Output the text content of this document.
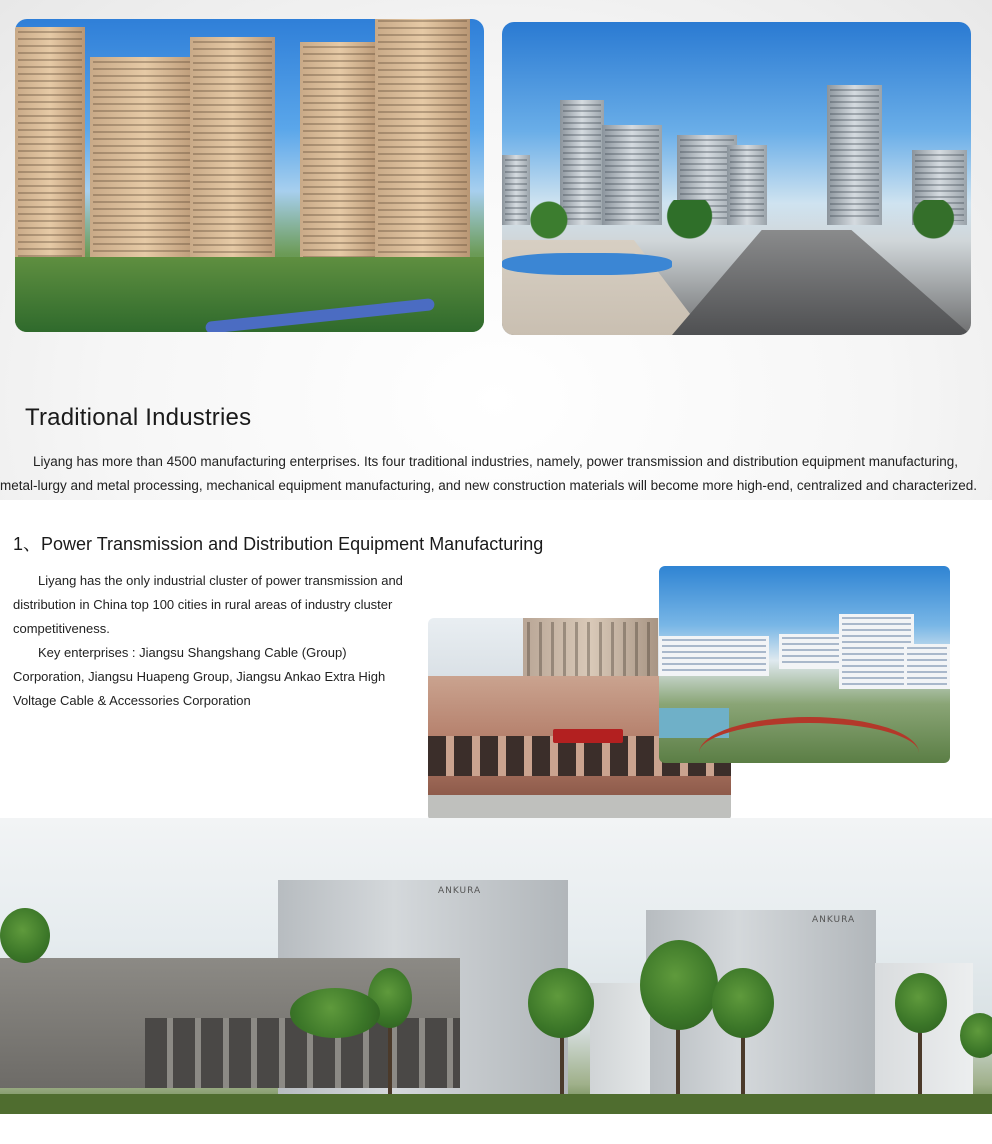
Traditional Industries

Liyang has more than 4500 manufacturing enterprises. Its four traditional industries, namely, power transmission and distribution equipment manufacturing, metal-lurgy and metal processing, mechanical equipment manufacturing, and new construction materials will become more high-end, centralized and characterized.

1、Power Transmission and Distribution Equipment Manufacturing

Liyang has the only industrial cluster of power transmission and distribution in China top 100 cities in rural areas of industry cluster competitiveness.

Key enterprises : Jiangsu Shangshang Cable (Group) Corporation, Jiangsu Huapeng Group, Jiangsu Ankao Extra High Voltage Cable & Accessories Corporation

ANKURA
ANKURA
